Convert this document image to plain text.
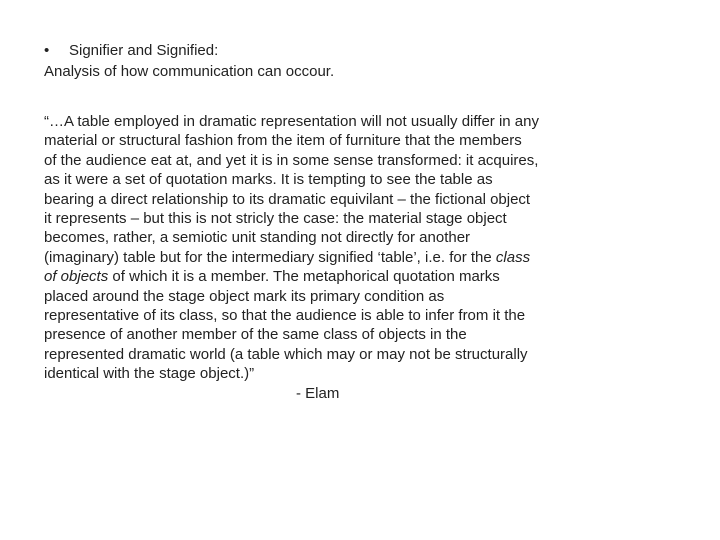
•	Signifier and Signified:
Analysis of how communication can occour.

“…A table employed in dramatic representation will not usually differ in any
material or structural fashion from the item of furniture that the members
of the audience eat at, and yet it is in some sense transformed: it acquires,
as it were a set of quotation marks. It is tempting to see the table as
bearing a direct relationship to its dramatic equivilant – the fictional object
it represents – but this is not stricly the case: the material stage object
becomes, rather, a semiotic unit standing not directly for another
(imaginary) table but for the intermediary signified ‘table’, i.e. for the class
of objects of which it is a member. The metaphorical quotation marks
placed around the stage object mark its primary condition as
representative of its class, so that the audience is able to infer from it the
presence of another member of the same class of objects in the
represented dramatic world (a table which may or may not be structurally
identical with the stage object.)”
- Elam
